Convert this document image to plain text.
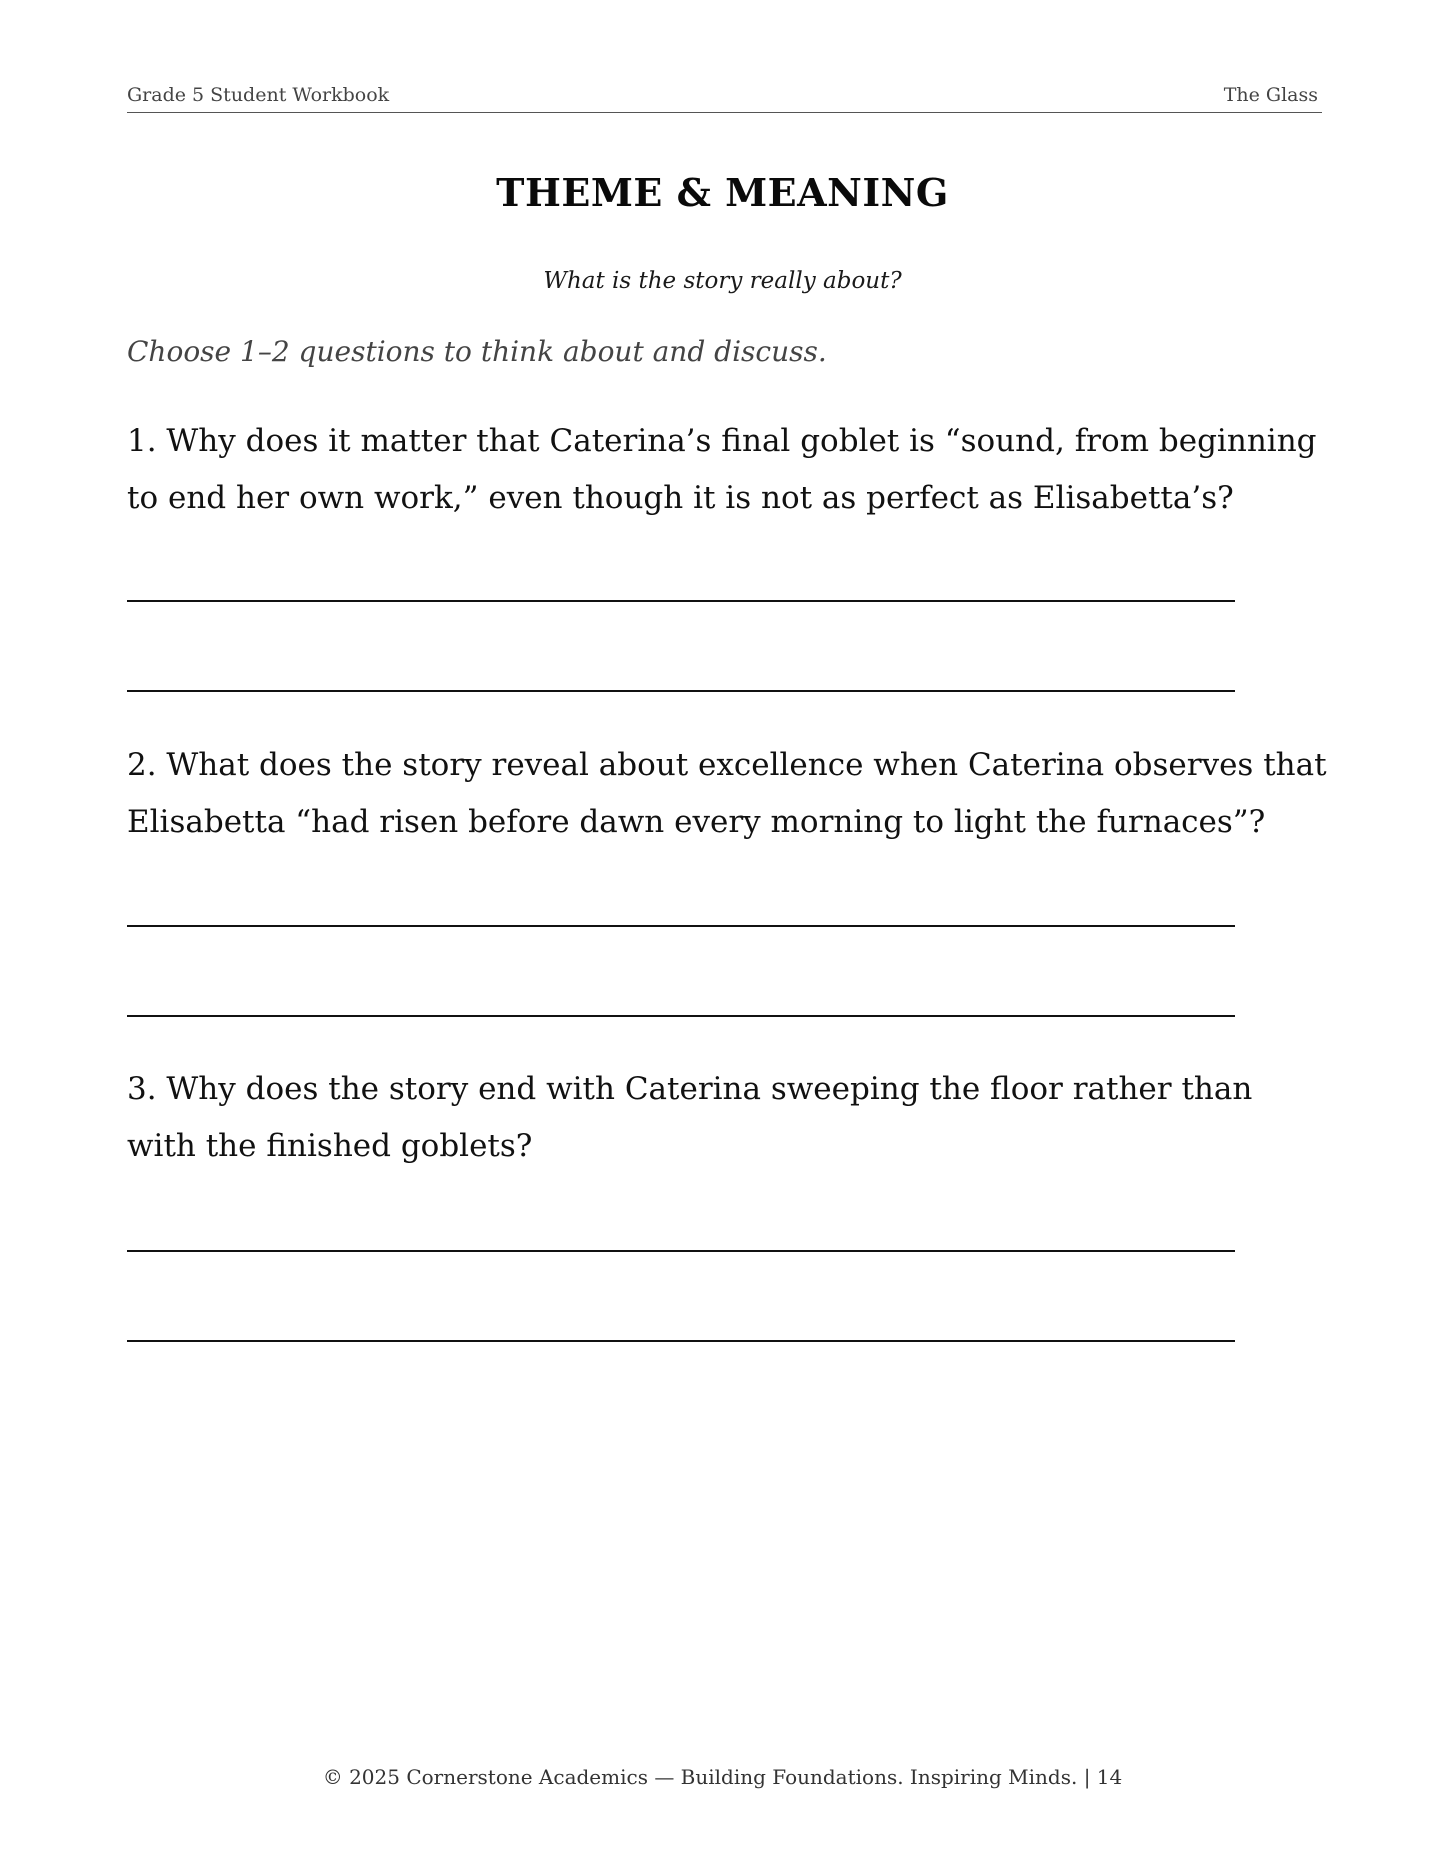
Grade 5 Student Workbook	The Glass
THEME & MEANING
What is the story really about?
Choose 1–2 questions to think about and discuss.
1. Why does it matter that Caterina’s final goblet is “sound, from beginning to end her own work,” even though it is not as perfect as Elisabetta’s?
2. What does the story reveal about excellence when Caterina observes that Elisabetta “had risen before dawn every morning to light the furnaces”?
3. Why does the story end with Caterina sweeping the floor rather than with the finished goblets?
© 2025 Cornerstone Academics — Building Foundations. Inspiring Minds. | 14
